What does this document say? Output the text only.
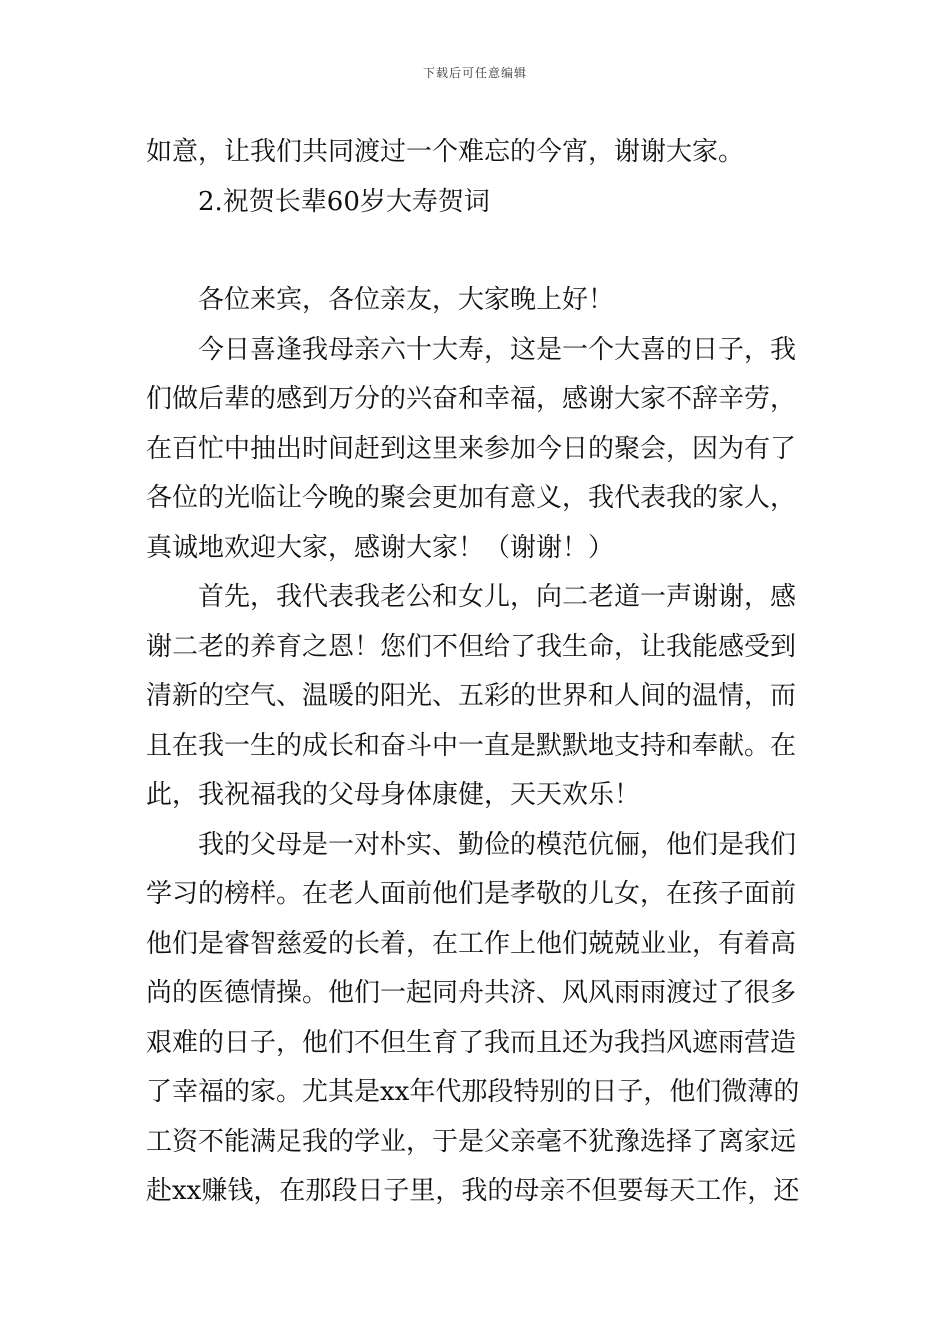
下载后可任意编辑
如意，让我们共同渡过一个难忘的今宵，谢谢大家。
2.祝贺长辈60岁大寿贺词
各位来宾，各位亲友，大家晚上好！
今日喜逢我母亲六十大寿，这是一个大喜的日子，我
们做后辈的感到万分的兴奋和幸福，感谢大家不辞辛劳，
在百忙中抽出时间赶到这里来参加今日的聚会，因为有了
各位的光临让今晚的聚会更加有意义，我代表我的家人，
真诚地欢迎大家，感谢大家！（谢谢！）
首先，我代表我老公和女儿，向二老道一声谢谢，感
谢二老的养育之恩！您们不但给了我生命，让我能感受到
清新的空气、温暖的阳光、五彩的世界和人间的温情，而
且在我一生的成长和奋斗中一直是默默地支持和奉献。在
此，我祝福我的父母身体康健，天天欢乐！
我的父母是一对朴实、勤俭的模范伉俪，他们是我们
学习的榜样。在老人面前他们是孝敬的儿女，在孩子面前
他们是睿智慈爱的长着，在工作上他们兢兢业业，有着高
尚的医德情操。他们一起同舟共济、风风雨雨渡过了很多
艰难的日子，他们不但生育了我而且还为我挡风遮雨营造
了幸福的家。尤其是xx年代那段特别的日子，他们微薄的
工资不能满足我的学业，于是父亲毫不犹豫选择了离家远
赴xx赚钱，在那段日子里，我的母亲不但要每天工作，还
